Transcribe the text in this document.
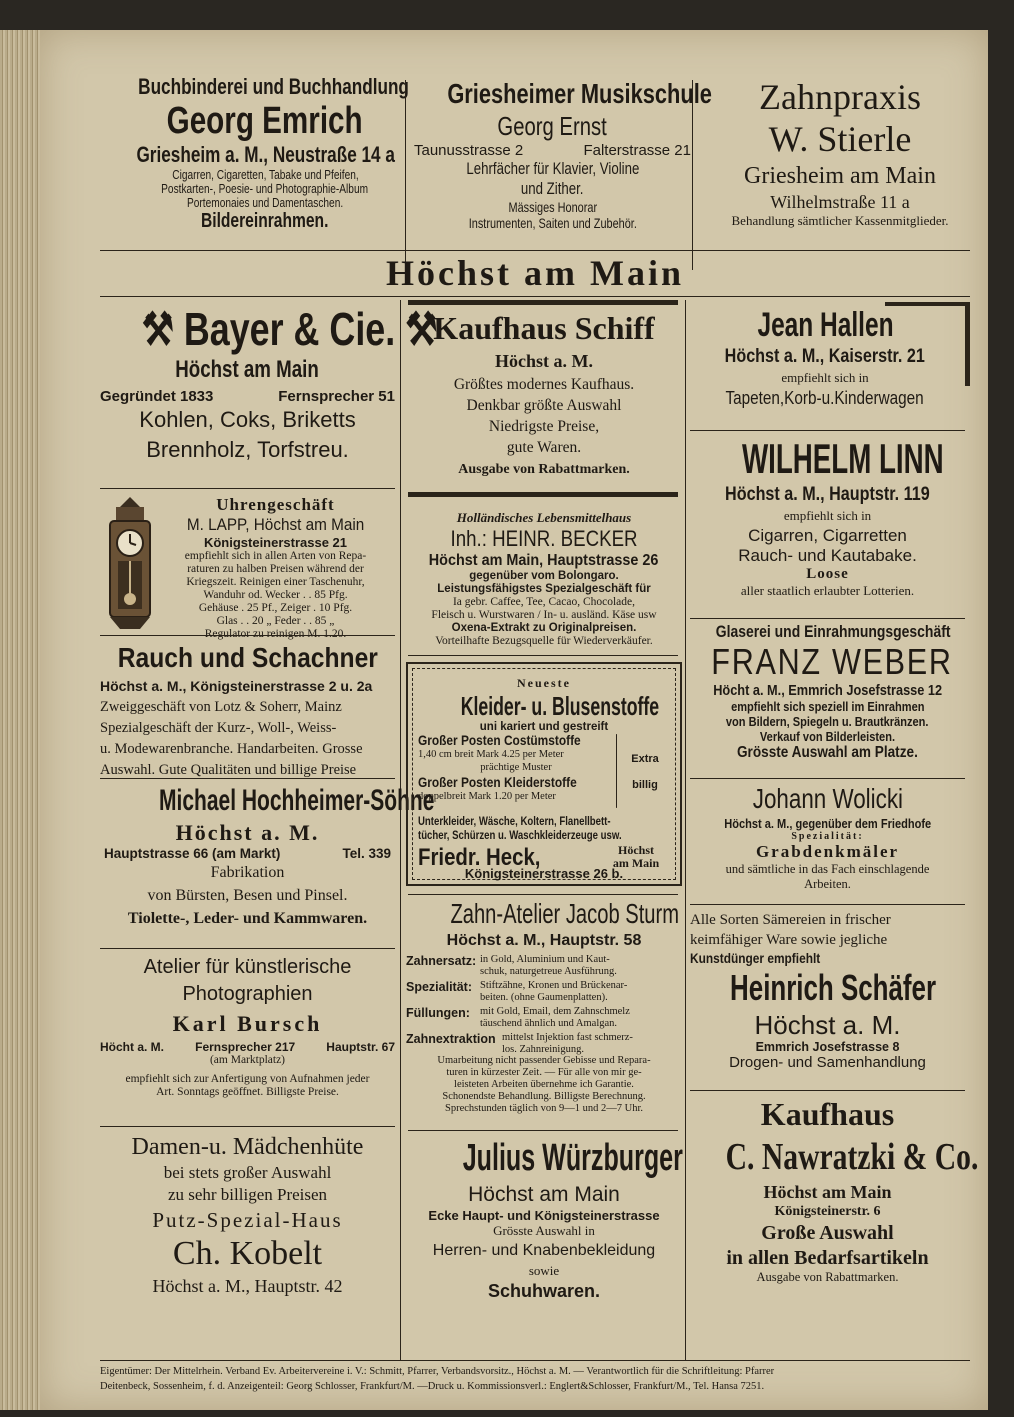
Buchbinderei und Buchhandlung
Georg Emrich
Griesheim a. M., Neustraße 14 a
Cigarren, Cigaretten, Tabake und Pfeifen,
Postkarten-, Poesie- und Photographie-Album
Portemonaies und Damentaschen.
Bildereinrahmen.
Griesheimer Musikschule
Georg Ernst
Taunusstrasse 2	Falterstrasse 21
Lehrfächer für Klavier, Violine
und Zither.
Mässiges Honorar
Instrumenten, Saiten und Zubehör.
Zahnpraxis
W. Stierle
Griesheim am Main
Wilhelmstraße 11 a
Behandlung sämtlicher Kassenmitglieder.
Höchst am Main
⚒ Bayer & Cie. ⚒
Höchst am Main
Gegründet 1833	Fernsprecher 51
Kohlen, Coks, Briketts
Brennholz, Torfstreu.
Uhrengeschäft
M. LAPP, Höchst am Main
Königsteinerstrasse 21
empfiehlt sich in allen Arten von Repa-
raturen zu halben Preisen während der
Kriegszeit. Reinigen einer Taschenuhr,
Wanduhr od. Wecker . . 85 Pfg.
Gehäuse . 25 Pf., Zeiger . 10 Pfg.
Glas . . 20 „ Feder . . 85 „
Regulator zu reinigen M. 1.20.
Rauch und Schachner
Höchst a. M., Königsteinerstrasse 2 u. 2a
Zweiggeschäft von Lotz & Soherr, Mainz
Spezialgeschäft der Kurz-, Woll-, Weiss-
u. Modewarenbranche. Handarbeiten. Grosse
Auswahl. Gute Qualitäten und billige Preise
Michael Hochheimer-Söhne
Höchst a. M.
Hauptstrasse 66 (am Markt)	Tel. 339
Fabrikation
von Bürsten, Besen und Pinsel.
Tiolette-, Leder- und Kammwaren.
Atelier für künstlerische
Photographien
Karl Bursch
Höcht a. M.	Fernsprecher 217	Hauptstr. 67
(am Marktplatz)
empfiehlt sich zur Anfertigung von Aufnahmen jeder
Art. Sonntags geöffnet. Billigste Preise.
Damen-u. Mädchenhüte
bei stets großer Auswahl
zu sehr billigen Preisen
Putz-Spezial-Haus
Ch. Kobelt
Höchst a. M., Hauptstr. 42
Kaufhaus Schiff
Höchst a. M.
Größtes modernes Kaufhaus.
Denkbar größte Auswahl
Niedrigste Preise,
gute Waren.
Ausgabe von Rabattmarken.
Holländisches Lebensmittelhaus
Inh.: HEINR. BECKER
Höchst am Main, Hauptstrasse 26
gegenüber vom Bolongaro.
Leistungsfähigstes Spezialgeschäft für
Ia gebr. Caffee, Tee, Cacao, Chocolade,
Fleisch u. Wurstwaren / In- u. ausländ. Käse usw
Oxena-Extrakt zu Originalpreisen.
Vorteilhafte Bezugsquelle für Wiederverkäufer.
Neueste
Kleider- u. Blusenstoffe
uni kariert und gestreift
Großer Posten Costümstoffe
1,40 cm breit Mark 4.25 per Meter
prächtige Muster
Großer Posten Kleiderstoffe
doppelbreit Mark 1.20 per Meter
Extra
billig
Unterkleider, Wäsche, Koltern, Flanellbett-
tücher, Schürzen u. Waschkleiderzeuge usw.
Friedr. Heck,	Höchst
am Main
Königsteinerstrasse 26 b.
Zahn-Atelier Jacob Sturm
Höchst a. M., Hauptstr. 58
Zahnersatz: in Gold, Aluminium und Kaut-
schuk, naturgetreue Ausführung.
Spezialität: Stiftzähne, Kronen und Brückenar-
beiten. (ohne Gaumenplatten).
Füllungen: mit Gold, Email, dem Zahnschmelz
täuschend ähnlich und Amalgan.
Zahnextraktion mittelst Injektion fast schmerz-
los. Zahnreinigung.
Umarbeitung nicht passender Gebisse und Repara-
turen in kürzester Zeit. — Für alle von mir ge-
leisteten Arbeiten übernehme ich Garantie.
Schonendste Behandlung. Billigste Berechnung.
Sprechstunden täglich von 9—1 und 2—7 Uhr.
Julius Würzburger
Höchst am Main
Ecke Haupt- und Königsteinerstrasse
Grösste Auswahl in
Herren- und Knabenbekleidung
sowie
Schuhwaren.
Jean Hallen
Höchst a. M., Kaiserstr. 21
empfiehlt sich in
Tapeten,Korb-u.Kinderwagen
WILHELM LINN
Höchst a. M., Hauptstr. 119
empfiehlt sich in
Cigarren, Cigarretten
Rauch- und Kautabake.
Loose
aller staatlich erlaubter Lotterien.
Glaserei und Einrahmungsgeschäft
FRANZ WEBER
Höcht a. M., Emmrich Josefstrasse 12
empfiehlt sich speziell im Einrahmen
von Bildern, Spiegeln u. Brautkränzen.
Verkauf von Bilderleisten.
Grösste Auswahl am Platze.
Johann Wolicki
Höchst a. M., gegenüber dem Friedhofe
Spezialität:
Grabdenkmäler
und sämtliche in das Fach einschlagende
Arbeiten.
Alle Sorten Sämereien in frischer
keimfähiger Ware sowie jegliche
Kunstdünger empfiehlt
Heinrich Schäfer
Höchst a. M.
Emmrich Josefstrasse 8
Drogen- und Samenhandlung
Kaufhaus
C. Nawratzki & Co.
Höchst am Main
Königsteinerstr. 6
Große Auswahl
in allen Bedarfsartikeln
Ausgabe von Rabattmarken.
Eigentümer: Der Mittelrhein. Verband Ev. Arbeitervereine i. V.: Schmitt, Pfarrer, Verbandsvorsitz., Höchst a. M. — Verantwortlich für die Schriftleitung: Pfarrer
Deitenbeck, Sossenheim, f. d. Anzeigenteil: Georg Schlosser, Frankfurt/M. —Druck u. Kommissionsverl.: Englert&Schlosser, Frankfurt/M., Tel. Hansa 7251.
